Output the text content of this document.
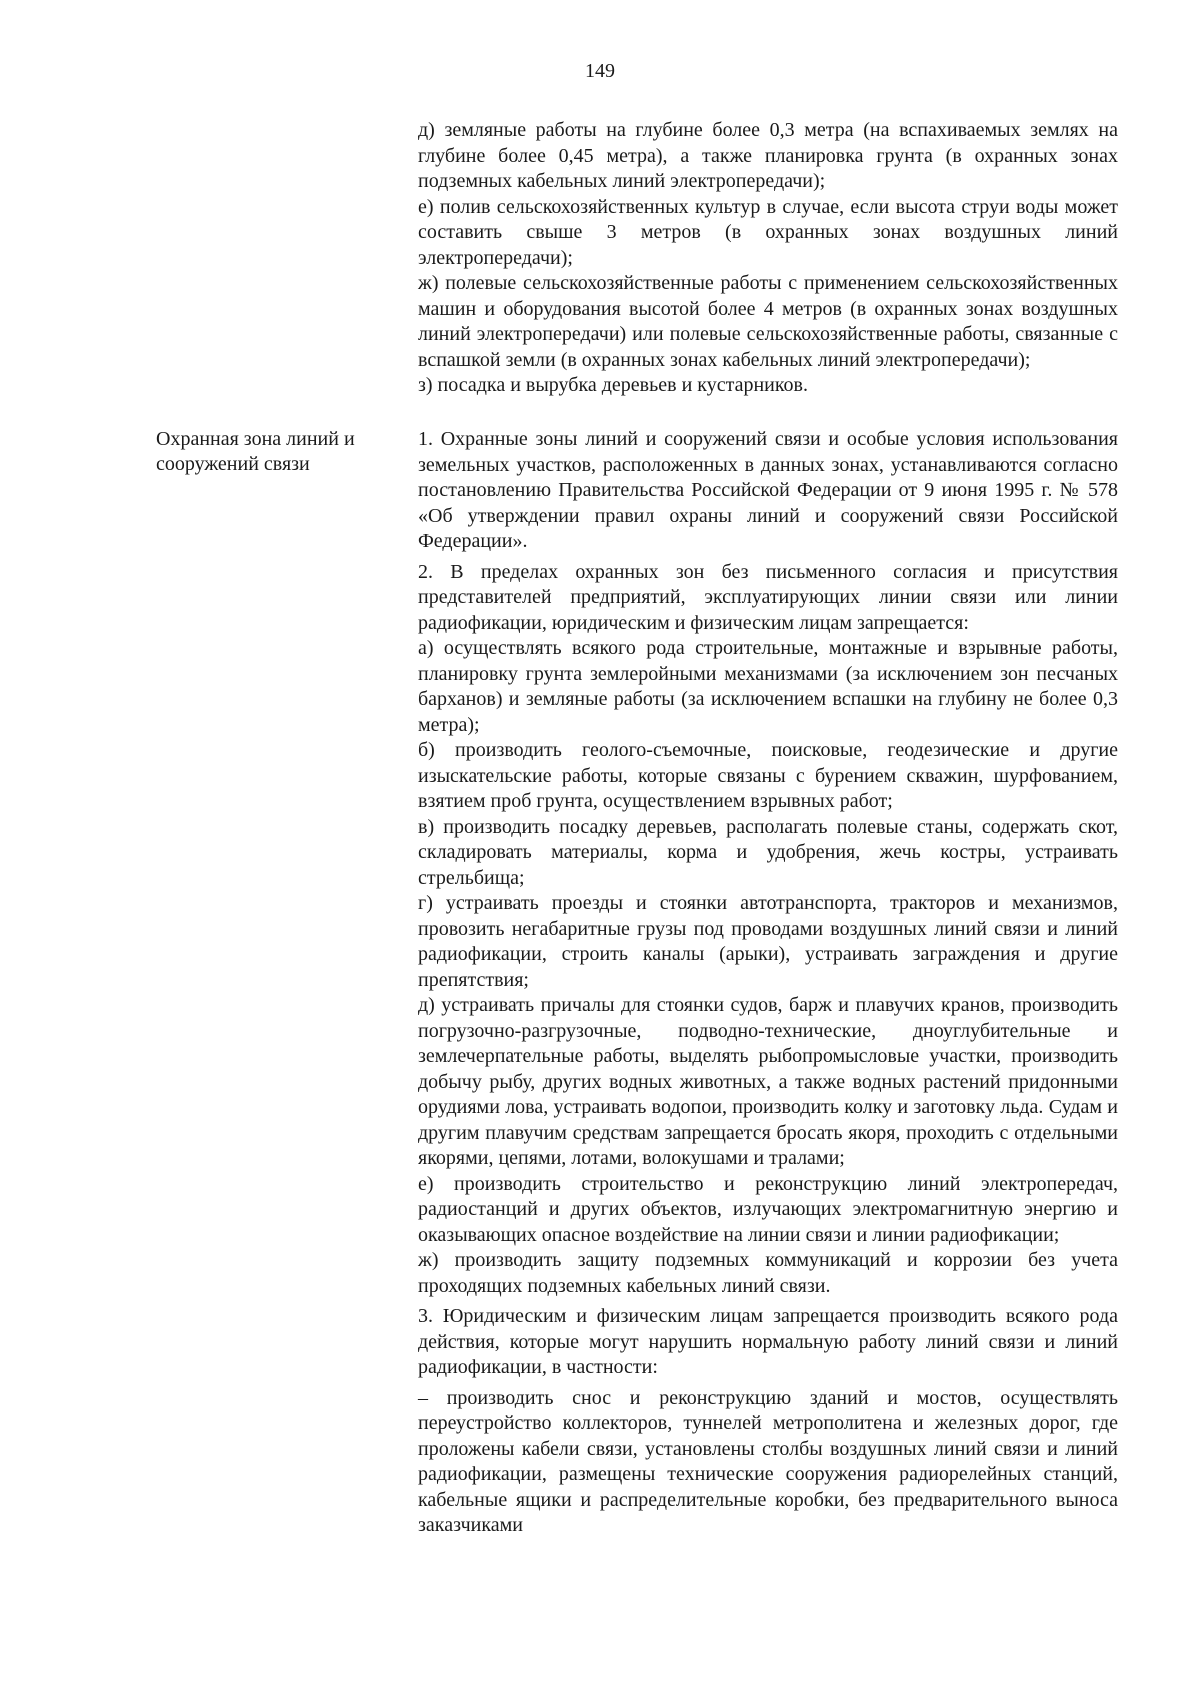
149

д) земляные работы на глубине более 0,3 метра (на вспахиваемых землях на глубине более 0,45 метра), а также планировка грунта (в охранных зонах подземных кабельных линий электропередачи);

е) полив сельскохозяйственных культур в случае, если высота струи воды может составить свыше 3 метров (в охранных зонах воздушных линий электропередачи);

ж) полевые сельскохозяйственные работы с применением сельскохозяйственных машин и оборудования высотой более 4 метров (в охранных зонах воздушных линий электропередачи) или полевые сельскохозяйственные работы, связанные с вспашкой земли (в охранных зонах кабельных линий электропередачи);

з) посадка и вырубка деревьев и кустарников.

Охранная зона линий и сооружений связи

1. Охранные зоны линий и сооружений связи и особые условия использования земельных участков, расположенных в данных зонах, устанавливаются согласно постановлению Правительства Российской Федерации от 9 июня 1995 г. № 578 «Об утверждении правил охраны линий и сооружений связи Российской Федерации».

2. В пределах охранных зон без письменного согласия и присутствия представителей предприятий, эксплуатирующих линии связи или линии радиофикации, юридическим и физическим лицам запрещается:

а) осуществлять всякого рода строительные, монтажные и взрывные работы, планировку грунта землеройными механизмами (за исключением зон песчаных барханов) и земляные работы (за исключением вспашки на глубину не более 0,3 метра);

б) производить геолого-съемочные, поисковые, геодезические и другие изыскательские работы, которые связаны с бурением скважин, шурфованием, взятием проб грунта, осуществлением взрывных работ;

в) производить посадку деревьев, располагать полевые станы, содержать скот, складировать материалы, корма и удобрения, жечь костры, устраивать стрельбища;

г) устраивать проезды и стоянки автотранспорта, тракторов и механизмов, провозить негабаритные грузы под проводами воздушных линий связи и линий радиофикации, строить каналы (арыки), устраивать заграждения и другие препятствия;

д) устраивать причалы для стоянки судов, барж и плавучих кранов, производить погрузочно-разгрузочные, подводно-технические, дноуглубительные и землечерпательные работы, выделять рыбопромысловые участки, производить добычу рыбу, других водных животных, а также водных растений придонными орудиями лова, устраивать водопои, производить колку и заготовку льда. Судам и другим плавучим средствам запрещается бросать якоря, проходить с отдельными якорями, цепями, лотами, волокушами и тралами;

е) производить строительство и реконструкцию линий электропередач, радиостанций и других объектов, излучающих электромагнитную энергию и оказывающих опасное воздействие на линии связи и линии радиофикации;

ж) производить защиту подземных коммуникаций и коррозии без учета проходящих подземных кабельных линий связи.

3. Юридическим и физическим лицам запрещается производить всякого рода действия, которые могут нарушить нормальную работу линий связи и линий радиофикации, в частности:

– производить снос и реконструкцию зданий и мостов, осуществлять переустройство коллекторов, туннелей метрополитена и железных дорог, где проложены кабели связи, установлены столбы воздушных линий связи и линий радиофикации, размещены технические сооружения радиорелейных станций, кабельные ящики и распределительные коробки, без предварительного выноса заказчиками
